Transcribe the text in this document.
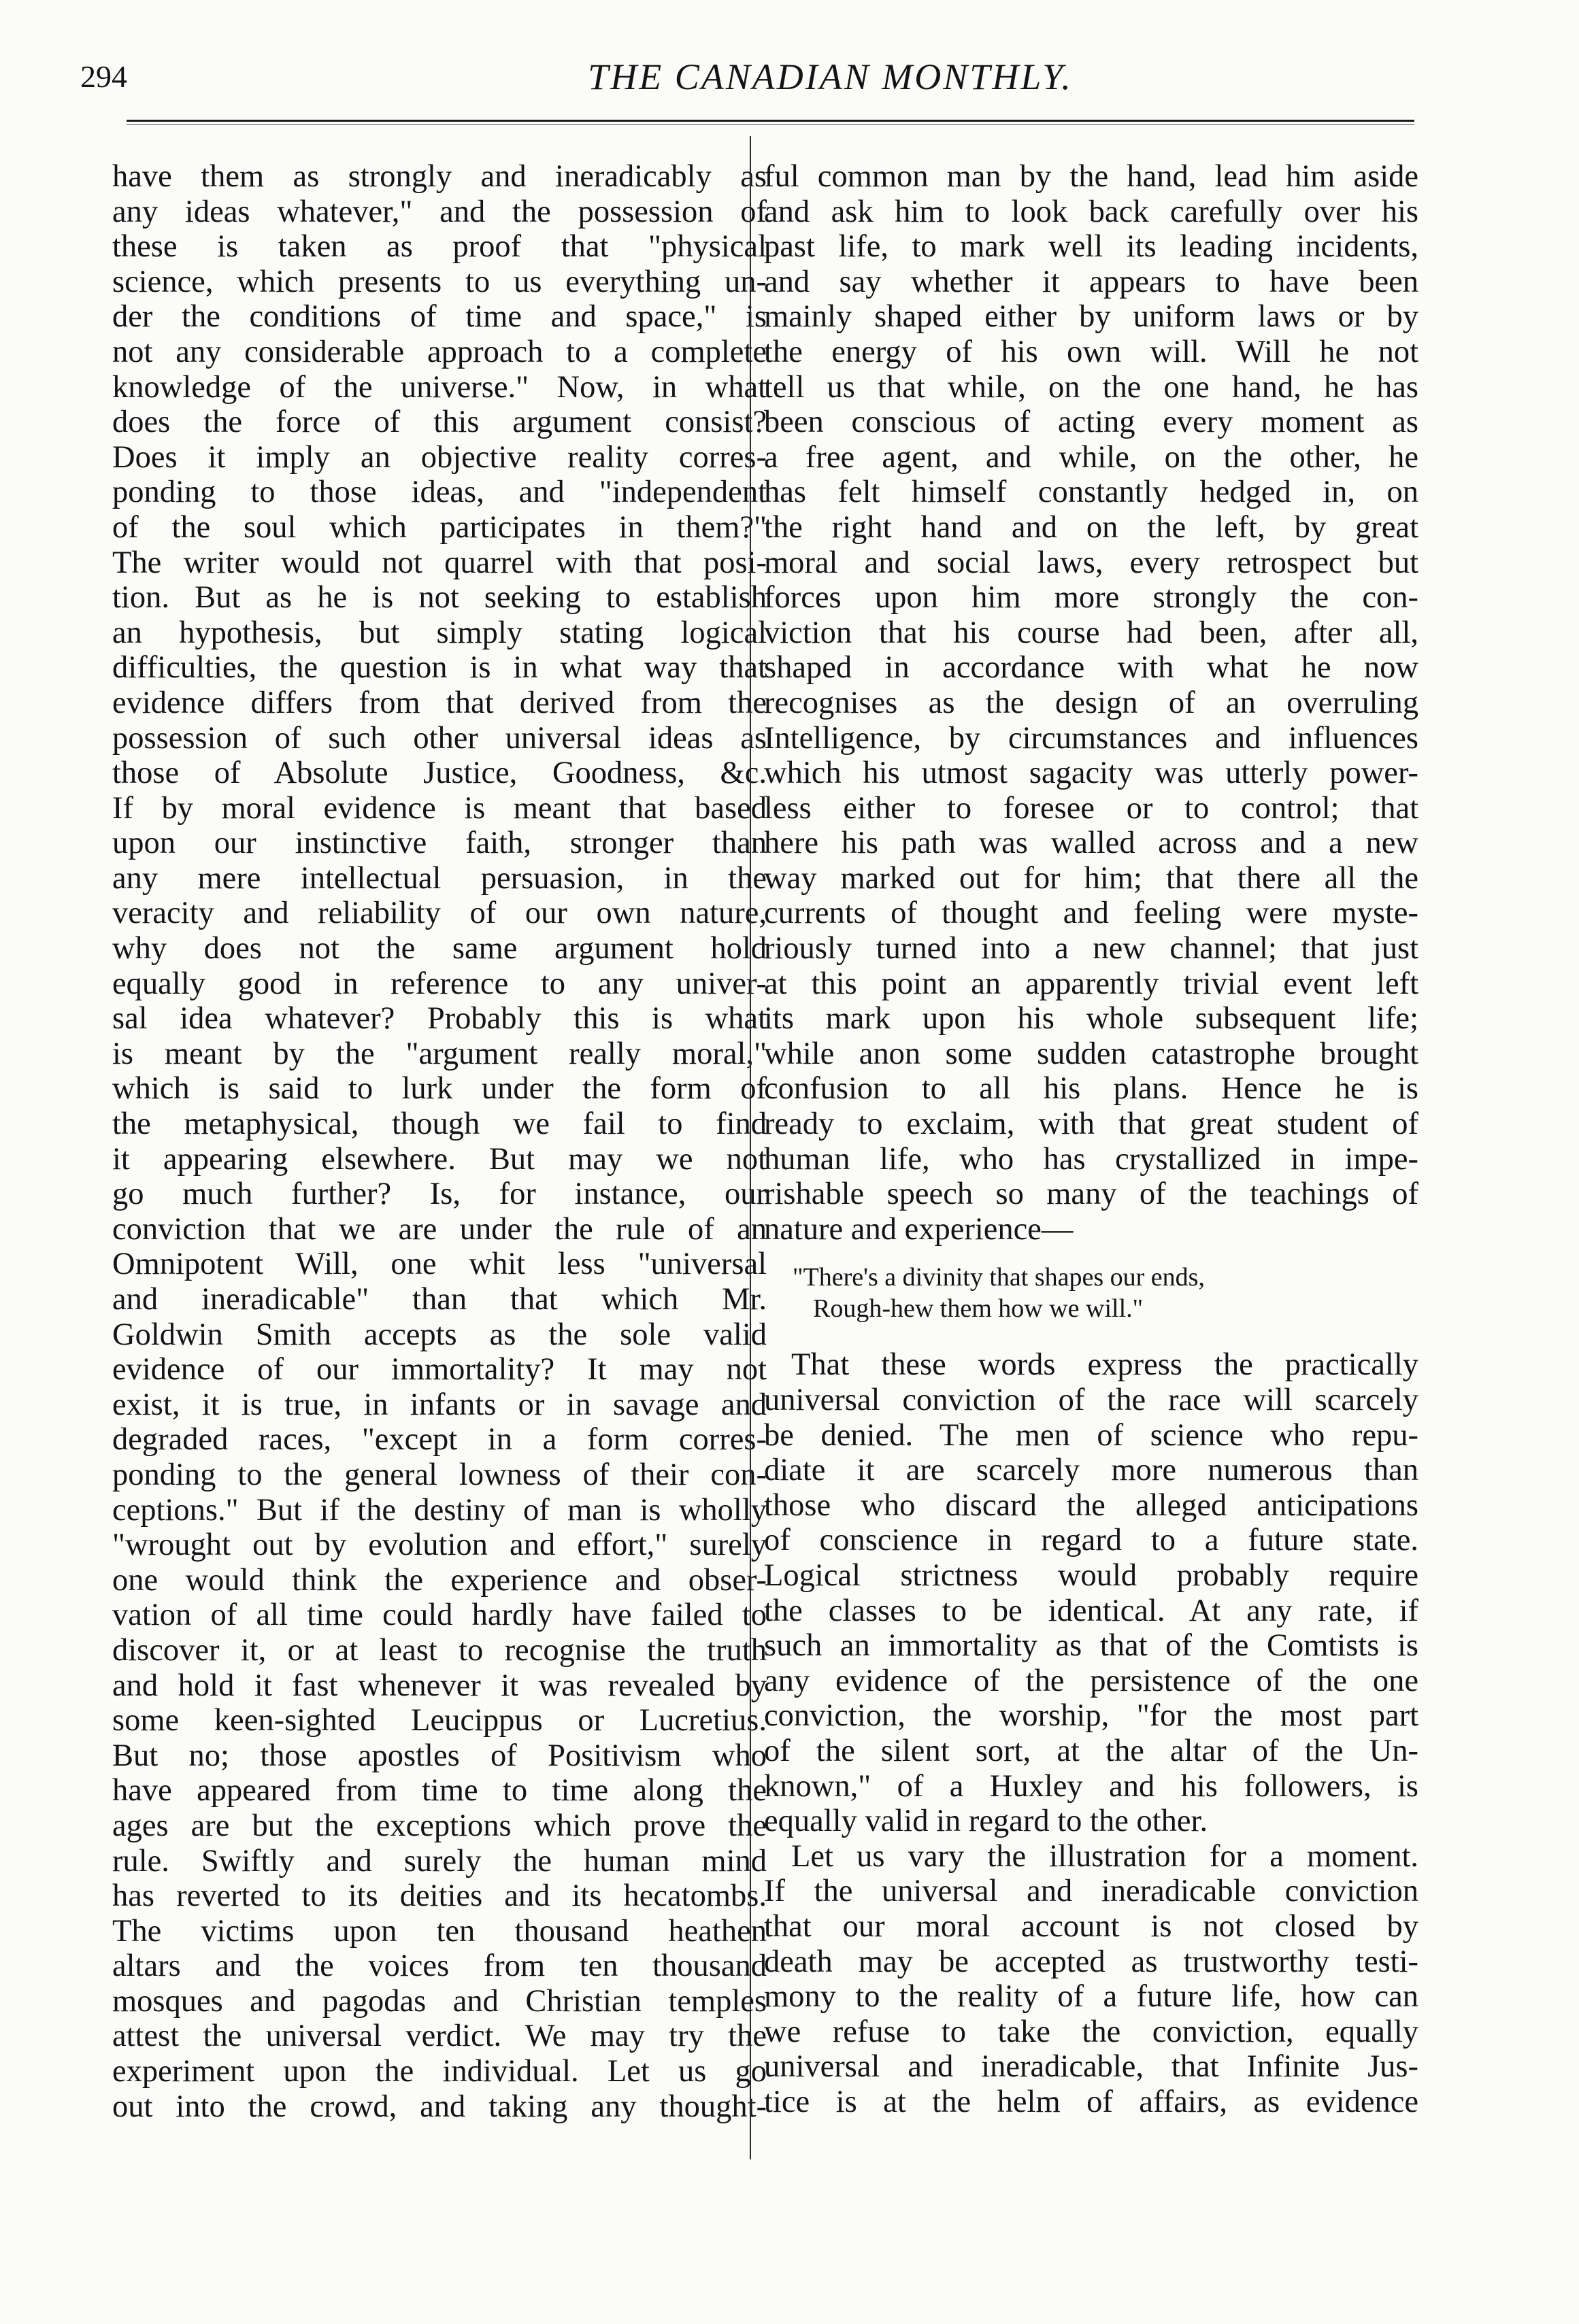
294	THE CANADIAN MONTHLY.
have them as strongly and ineradicably as
any ideas whatever," and the possession of
these is taken as proof that "physical
science, which presents to us everything un-
der the conditions of time and space," is
not any considerable approach to a complete
knowledge of the universe." Now, in what
does the force of this argument consist?
Does it imply an objective reality corres-
ponding to those ideas, and "independent
of the soul which participates in them?"
The writer would not quarrel with that posi-
tion. But as he is not seeking to establish
an hypothesis, but simply stating logical
difficulties, the question is in what way that
evidence differs from that derived from the
possession of such other universal ideas as
those of Absolute Justice, Goodness, &c.
If by moral evidence is meant that based
upon our instinctive faith, stronger than
any mere intellectual persuasion, in the
veracity and reliability of our own nature,
why does not the same argument hold
equally good in reference to any univer-
sal idea whatever? Probably this is what
is meant by the "argument really moral,"
which is said to lurk under the form of
the metaphysical, though we fail to find
it appearing elsewhere. But may we not
go much further? Is, for instance, our
conviction that we are under the rule of an
Omnipotent Will, one whit less "universal
and ineradicable" than that which Mr.
Goldwin Smith accepts as the sole valid
evidence of our immortality? It may not
exist, it is true, in infants or in savage and
degraded races, "except in a form corres-
ponding to the general lowness of their con-
ceptions." But if the destiny of man is wholly
"wrought out by evolution and effort," surely
one would think the experience and obser-
vation of all time could hardly have failed to
discover it, or at least to recognise the truth
and hold it fast whenever it was revealed by
some keen-sighted Leucippus or Lucretius.
But no; those apostles of Positivism who
have appeared from time to time along the
ages are but the exceptions which prove the
rule. Swiftly and surely the human mind
has reverted to its deities and its hecatombs.
The victims upon ten thousand heathen
altars and the voices from ten thousand
mosques and pagodas and Christian temples
attest the universal verdict. We may try the
experiment upon the individual. Let us go
out into the crowd, and taking any thought-
ful common man by the hand, lead him aside
and ask him to look back carefully over his
past life, to mark well its leading incidents,
and say whether it appears to have been
mainly shaped either by uniform laws or by
the energy of his own will. Will he not
tell us that while, on the one hand, he has
been conscious of acting every moment as
a free agent, and while, on the other, he
has felt himself constantly hedged in, on
the right hand and on the left, by great
moral and social laws, every retrospect but
forces upon him more strongly the con-
viction that his course had been, after all,
shaped in accordance with what he now
recognises as the design of an overruling
Intelligence, by circumstances and influences
which his utmost sagacity was utterly power-
less either to foresee or to control; that
here his path was walled across and a new
way marked out for him; that there all the
currents of thought and feeling were myste-
riously turned into a new channel; that just
at this point an apparently trivial event left
its mark upon his whole subsequent life;
while anon some sudden catastrophe brought
confusion to all his plans. Hence he is
ready to exclaim, with that great student of
human life, who has crystallized in impe-
rishable speech so many of the teachings of
nature and experience—
"There's a divinity that shapes our ends,
Rough-hew them how we will."
That these words express the practically
universal conviction of the race will scarcely
be denied. The men of science who repu-
diate it are scarcely more numerous than
those who discard the alleged anticipations
of conscience in regard to a future state.
Logical strictness would probably require
the classes to be identical. At any rate, if
such an immortality as that of the Comtists is
any evidence of the persistence of the one
conviction, the worship, "for the most part
of the silent sort, at the altar of the Un-
known," of a Huxley and his followers, is
equally valid in regard to the other.
Let us vary the illustration for a moment.
If the universal and ineradicable conviction
that our moral account is not closed by
death may be accepted as trustworthy testi-
mony to the reality of a future life, how can
we refuse to take the conviction, equally
universal and ineradicable, that Infinite Jus-
tice is at the helm of affairs, as evidence
